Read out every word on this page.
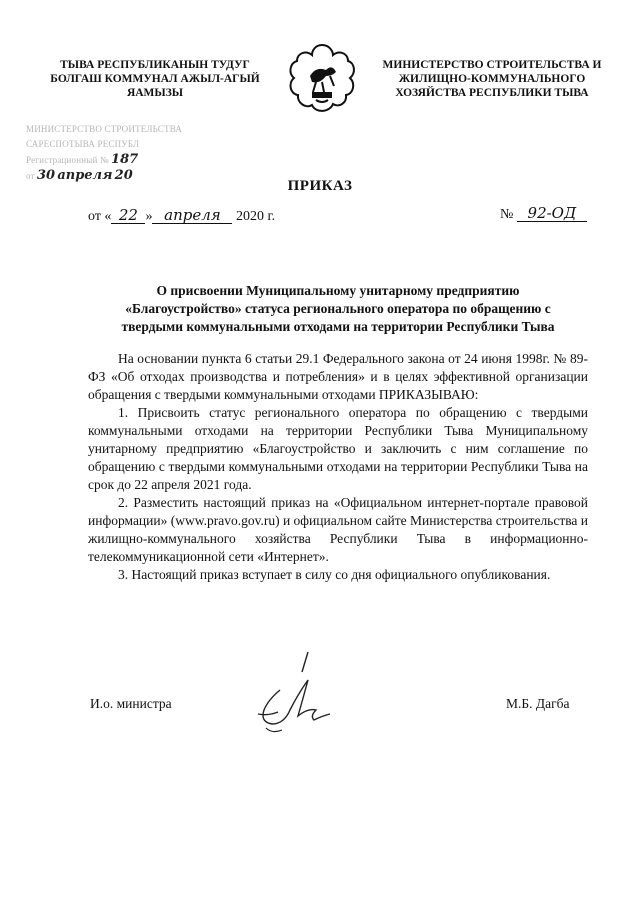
ТЫВА РЕСПУБЛИКАНЫН ТУДУГ
БОЛГАШ КОММУНАЛ АЖЫЛ-АГЫЙ
ЯАМЫЗЫ
МИНИСТЕРСТВО СТРОИТЕЛЬСТВА И
ЖИЛИЩНО-КОММУНАЛЬНОГО
ХОЗЯЙСТВА РЕСПУБЛИКИ ТЫВА
МИНИСТЕРСТВО СТРОИТЕЛЬСТВА
САРЕСПОТЫВА РЕСПУБЛ
Регистрационный № 187
от 30 апреля 20
ПРИКАЗ
от « 22 » апреля 2020 г.	№ 92-ОД
О присвоении Муниципальному унитарному предприятию
«Благоустройство» статуса регионального оператора по обращению с
твердыми коммунальными отходами на территории Республики Тыва

На основании пункта 6 статьи 29.1 Федерального закона от 24 июня 1998г. № 89-ФЗ «Об отходах производства и потребления» и в целях эффективной организации обращения с твердыми коммунальными отходами ПРИКАЗЫВАЮ:

1. Присвоить статус регионального оператора по обращению с твердыми коммунальными отходами на территории Республики Тыва Муниципальному унитарному предприятию «Благоустройство и заключить с ним соглашение по обращению с твердыми коммунальными отходами на территории Республики Тыва на срок до 22 апреля 2021 года.

2. Разместить настоящий приказ на «Официальном интернет-портале правовой информации» (www.pravo.gov.ru) и официальном сайте Министерства строительства и жилищно-коммунального хозяйства Республики Тыва в информационно-телекоммуникационной сети «Интернет».

3. Настоящий приказ вступает в силу со дня официального опубликования.

И.о. министра	М.Б. Дагба
